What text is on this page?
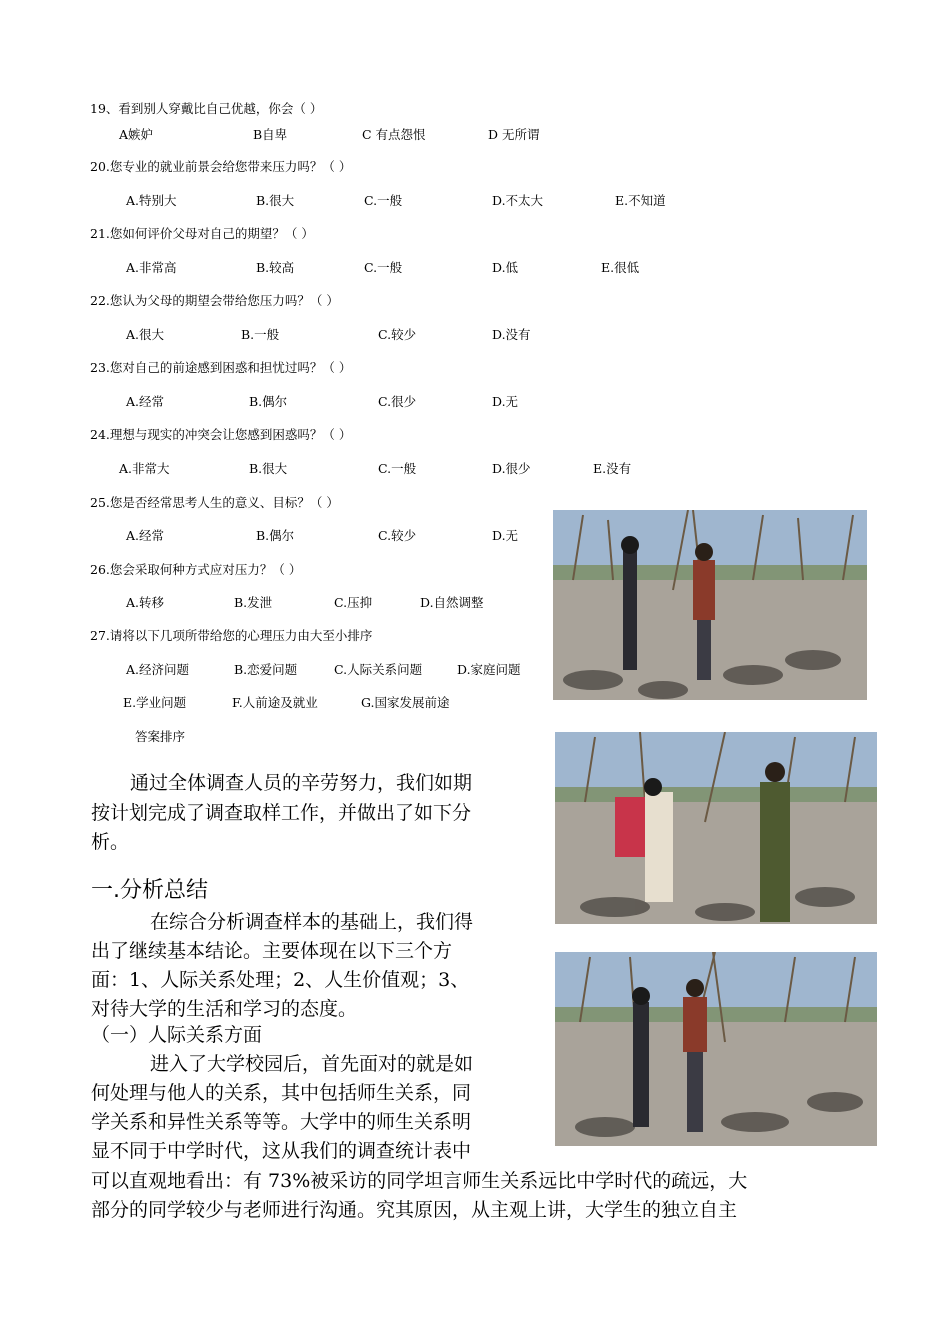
19、看到别人穿戴比自己优越，你会（ ）
A嫉妒	B自卑	C 有点怨恨	D 无所谓
20.您专业的就业前景会给您带来压力吗？（ ）
A.特别大	B.很大	C.一般	D.不太大	E.不知道
21.您如何评价父母对自己的期望？（ ）
A.非常高	B.较高	C.一般	D.低	E.很低
22.您认为父母的期望会带给您压力吗？（ ）
A.很大	B.一般	C.较少	D.没有
23.您对自己的前途感到困惑和担忧过吗？（ ）
A.经常	B.偶尔	C.很少	D.无
24.理想与现实的冲突会让您感到困惑吗？（ ）
A.非常大	B.很大	C.一般	D.很少	E.没有
25.您是否经常思考人生的意义、目标？（ ）
A.经常	B.偶尔	C.较少	D.无
26.您会采取何种方式应对压力？（ ）
A.转移	B.发泄	C.压抑	D.自然调整
27.请将以下几项所带给您的心理压力由大至小排序
A.经济问题	B.恋爱问题	C.人际关系问题	D.家庭问题
E.学业问题	F.人前途及就业	G.国家发展前途
答案排序
通过全体调查人员的辛劳努力，我们如期
按计划完成了调查取样工作，并做出了如下分
析。
一.分析总结
在综合分析调查样本的基础上，我们得
出了继续基本结论。主要体现在以下三个方
面：1、人际关系处理；2、人生价值观；3、
对待大学的生活和学习的态度。
（一）人际关系方面
进入了大学校园后，首先面对的就是如
何处理与他人的关系，其中包括师生关系，同
学关系和异性关系等等。大学中的师生关系明
显不同于中学时代，这从我们的调查统计表中
可以直观地看出：有 73%被采访的同学坦言师生关系远比中学时代的疏远，大
部分的同学较少与老师进行沟通。究其原因，从主观上讲，大学生的独立自主
